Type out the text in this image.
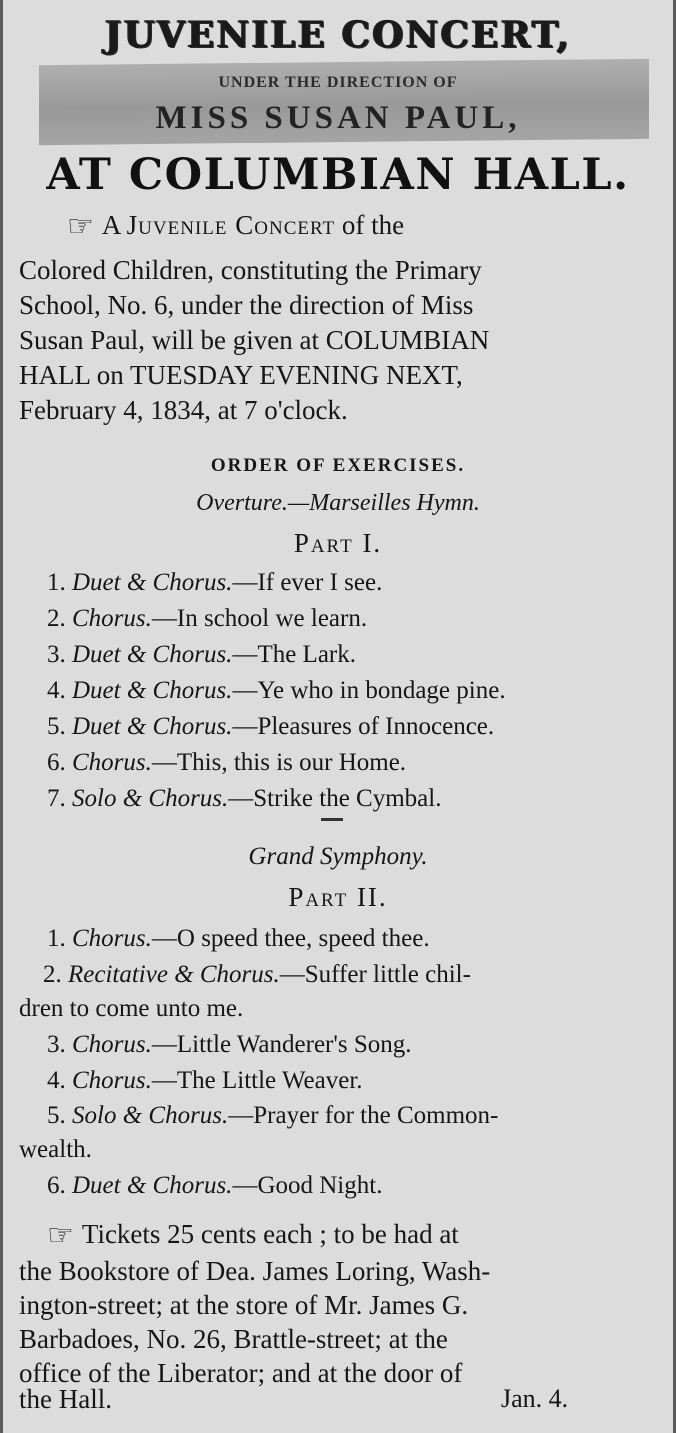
JUVENILE CONCERT,
UNDER THE DIRECTION OF
MISS SUSAN PAUL,
AT COLUMBIAN HALL.
☞ A Juvenile Concert of the
Colored Children, constituting the Primary
School, No. 6, under the direction of Miss
Susan Paul, will be given at COLUMBIAN
HALL on TUESDAY EVENING NEXT,
February 4, 1834, at 7 o'clock.
ORDER OF EXERCISES.
Overture.—Marseilles Hymn.
Part I.
1. Duet & Chorus.—If ever I see.
2. Chorus.—In school we learn.
3. Duet & Chorus.—The Lark.
4. Duet & Chorus.—Ye who in bondage pine.
5. Duet & Chorus.—Pleasures of Innocence.
6. Chorus.—This, this is our Home.
7. Solo & Chorus.—Strike the Cymbal.
Grand Symphony.
Part II.
1. Chorus.—O speed thee, speed thee.
2. Recitative & Chorus.—Suffer little chil-
dren to come unto me.
3. Chorus.—Little Wanderer's Song.
4. Chorus.—The Little Weaver.
5. Solo & Chorus.—Prayer for the Common-
wealth.
6. Duet & Chorus.—Good Night.
☞ Tickets 25 cents each ; to be had at
the Bookstore of Dea. James Loring, Wash-
ington-street; at the store of Mr. James G.
Barbadoes, No. 26, Brattle-street; at the
office of the Liberator; and at the door of
the Hall.	Jan. 4.
